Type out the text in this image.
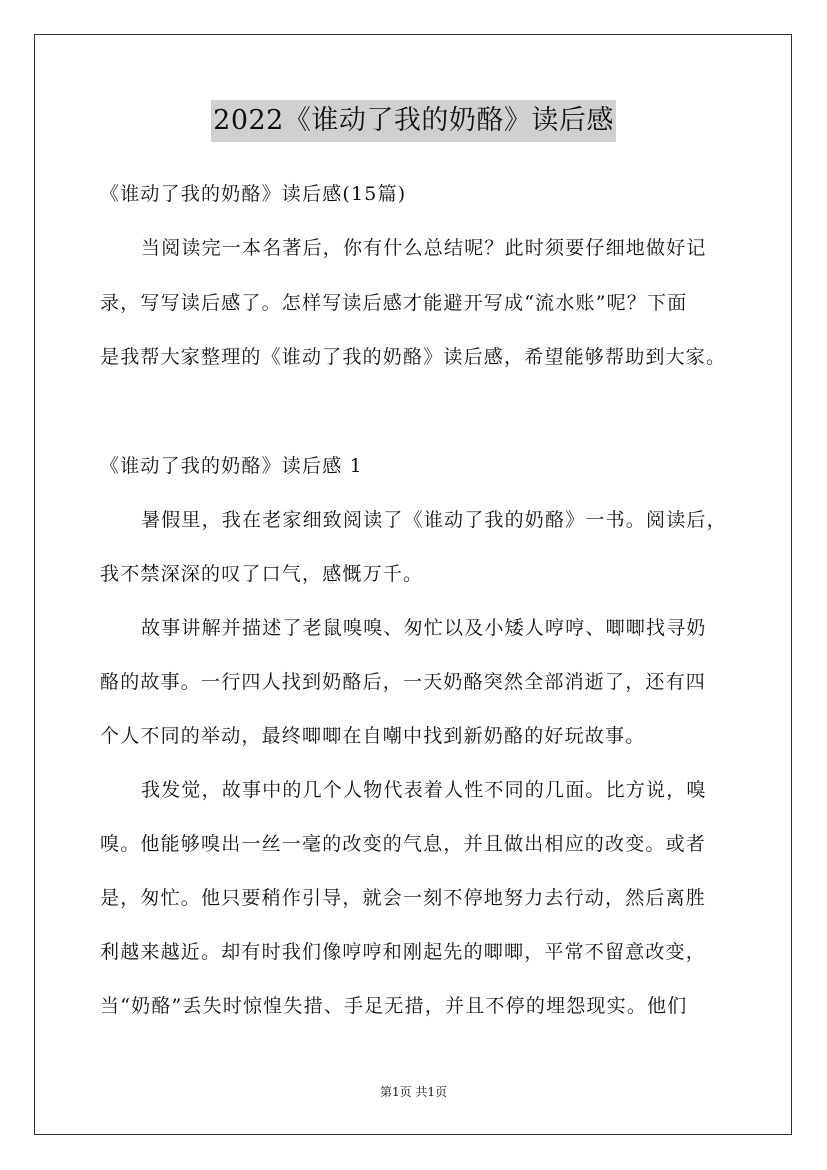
2022《谁动了我的奶酪》读后感
《谁动了我的奶酪》读后感(15篇)
当阅读完一本名著后，你有什么总结呢？此时须要仔细地做好记
录，写写读后感了。怎样写读后感才能避开写成“流水账”呢？下面
是我帮大家整理的《谁动了我的奶酪》读后感，希望能够帮助到大家。
《谁动了我的奶酪》读后感 1
暑假里，我在老家细致阅读了《谁动了我的奶酪》一书。阅读后，
我不禁深深的叹了口气，感慨万千。
故事讲解并描述了老鼠嗅嗅、匆忙以及小矮人哼哼、唧唧找寻奶
酪的故事。一行四人找到奶酪后，一天奶酪突然全部消逝了，还有四
个人不同的举动，最终唧唧在自嘲中找到新奶酪的好玩故事。
我发觉，故事中的几个人物代表着人性不同的几面。比方说，嗅
嗅。他能够嗅出一丝一毫的改变的气息，并且做出相应的改变。或者
是，匆忙。他只要稍作引导，就会一刻不停地努力去行动，然后离胜
利越来越近。却有时我们像哼哼和刚起先的唧唧，平常不留意改变，
当“奶酪”丢失时惊惶失措、手足无措，并且不停的埋怨现实。他们
第1页 共1页
